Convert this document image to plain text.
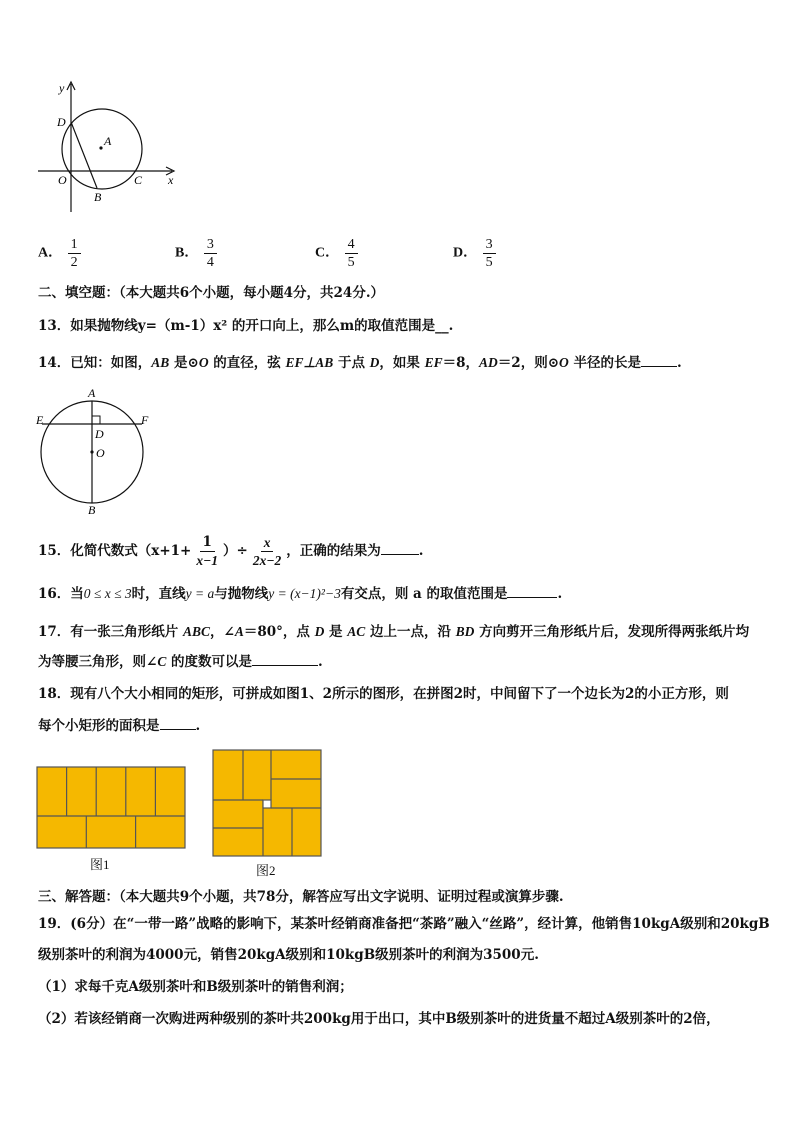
y
x
D
A
O
B
C
A． $\frac{1}{2}$	B． $\frac{3}{4}$	C． $\frac{4}{5}$	D． $\frac{3}{5}$
二、填空题：（本大题共6个小题，每小题4分，共24分.）
13．如果抛物线y=（m-1）x² 的开口向上，那么m的取值范围是__.
14．已知：如图，AB 是⊙O 的直径，弦 EF⊥AB 于点 D，如果 EF＝8，AD＝2，则⊙O 半径的长是	.
A
E	F
D
O
B
15．化简代数式（$x+1+ \frac{1}{x-1}$ ）÷ $\frac{x}{2x-2}$ ，正确的结果为	.
16．当0 ≤ x ≤ 3时，直线y = a与抛物线y = (x−1)²−3有交点，则 a 的取值范围是	.
17．有一张三角形纸片 ABC，∠A＝80°，点 D 是 AC 边上一点，沿 BD 方向剪开三角形纸片后，发现所得两张纸片均
为等腰三角形，则∠C 的度数可以是	.
18．现有八个大小相同的矩形，可拼成如图1、2所示的图形，在拼图2时，中间留下了一个边长为2的小正方形，则
每个小矩形的面积是	.
图1	图2
三、解答题：（本大题共9个小题，共78分，解答应写出文字说明、证明过程或演算步骤.
19．(6分）在“一带一路”战略的影响下，某茶叶经销商准备把“茶路”融入“丝路”，经计算，他销售10kgA级别和20kgB
级别茶叶的利润为4000元，销售20kgA级别和10kgB级别茶叶的利润为3500元.
（1）求每千克A级别茶叶和B级别茶叶的销售利润；
（2）若该经销商一次购进两种级别的茶叶共200kg用于出口，其中B级别茶叶的进货量不超过A级别茶叶的2倍，
